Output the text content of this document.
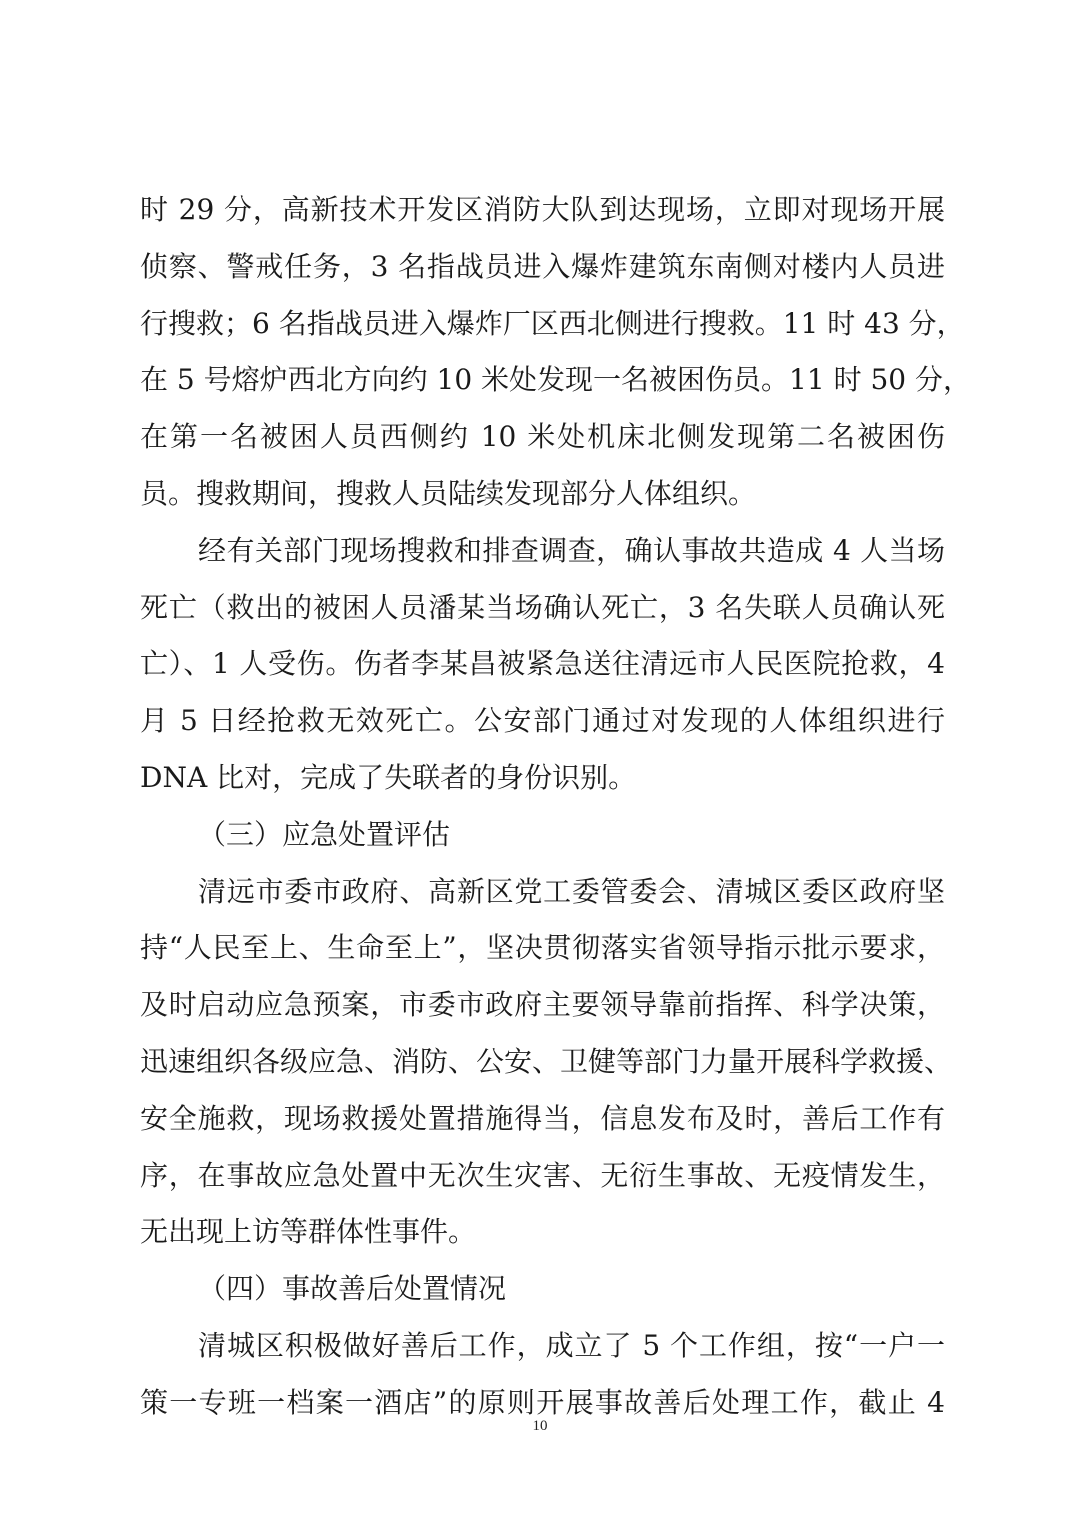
时 29 分，高新技术开发区消防大队到达现场，立即对现场开展
侦察、警戒任务，3 名指战员进入爆炸建筑东南侧对楼内人员进
行搜救；6 名指战员进入爆炸厂区西北侧进行搜救。11 时 43 分，
在 5 号熔炉西北方向约 10 米处发现一名被困伤员。11 时 50 分，
在第一名被困人员西侧约 10 米处机床北侧发现第二名被困伤
员。搜救期间，搜救人员陆续发现部分人体组织。
经有关部门现场搜救和排查调查，确认事故共造成 4 人当场
死亡（救出的被困人员潘某当场确认死亡，3 名失联人员确认死
亡）、1 人受伤。伤者李某昌被紧急送往清远市人民医院抢救，4
月 5 日经抢救无效死亡。公安部门通过对发现的人体组织进行
DNA 比对，完成了失联者的身份识别。
（三）应急处置评估
清远市委市政府、高新区党工委管委会、清城区委区政府坚
持“人民至上、生命至上”，坚决贯彻落实省领导指示批示要求，
及时启动应急预案，市委市政府主要领导靠前指挥、科学决策，
迅速组织各级应急、消防、公安、卫健等部门力量开展科学救援、
安全施救，现场救援处置措施得当，信息发布及时，善后工作有
序，在事故应急处置中无次生灾害、无衍生事故、无疫情发生，
无出现上访等群体性事件。
（四）事故善后处置情况
清城区积极做好善后工作，成立了 5 个工作组，按“一户一
策一专班一档案一酒店”的原则开展事故善后处理工作，截止 4
10
